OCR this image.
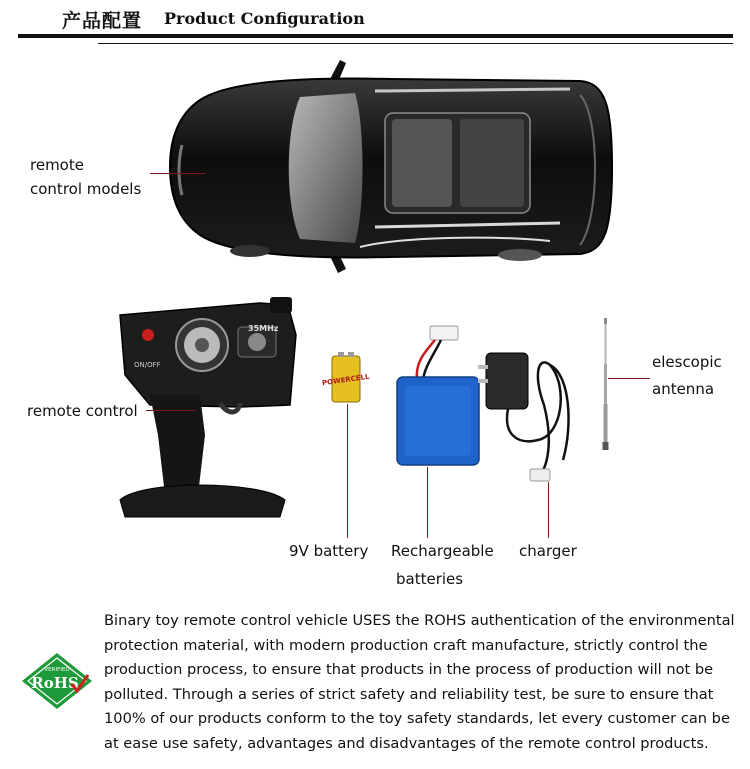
产品配置 Product Configuration
remote
control models
ON/OFF
35MHz
remote control
POWERCELL
9V battery Rechargeable
batteries
charger
elescopic
antenna
VERIFIED
RoHS
Binary toy remote control vehicle USES the ROHS authentication of the environmental
protection material, with modern production craft manufacture, strictly control the
production process, to ensure that products in the process of production will not be
polluted. Through a series of strict safety and reliability test, be sure to ensure that
100% of our products conform to the toy safety standards, let every customer can be
at ease use safety, advantages and disadvantages of the remote control products.
